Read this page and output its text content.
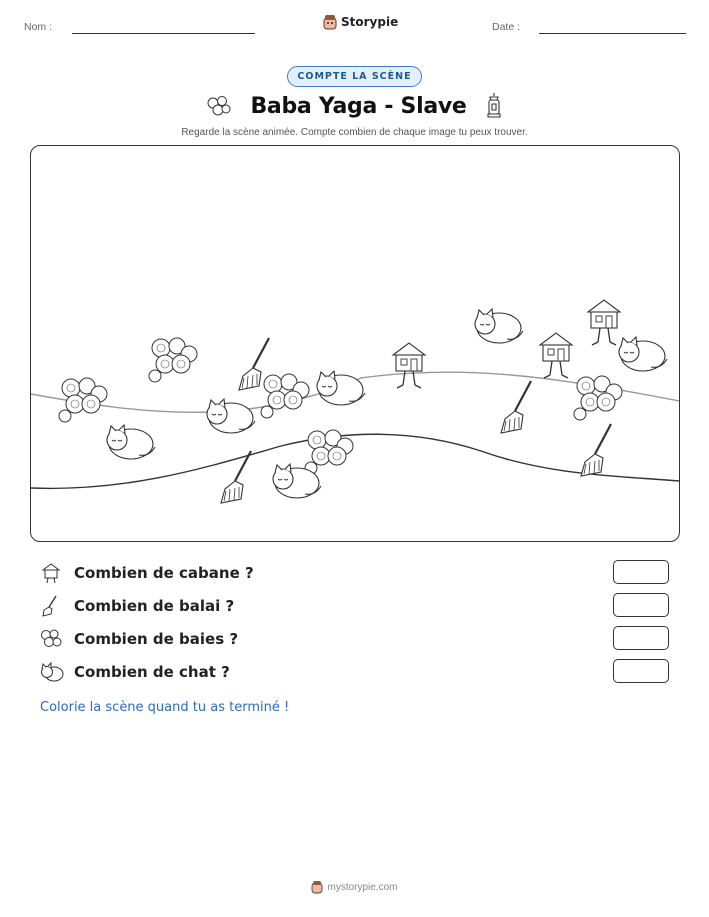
Nom :	Storypie	Date :
COMPTE LA SCÈNE
Baba Yaga - Slave
Regarde la scène animée. Compte combien de chaque image tu peux trouver.
Combien de cabane ?
Combien de balai ?
Combien de baies ?
Combien de chat ?
Colorie la scène quand tu as terminé !
mystorypie.com
